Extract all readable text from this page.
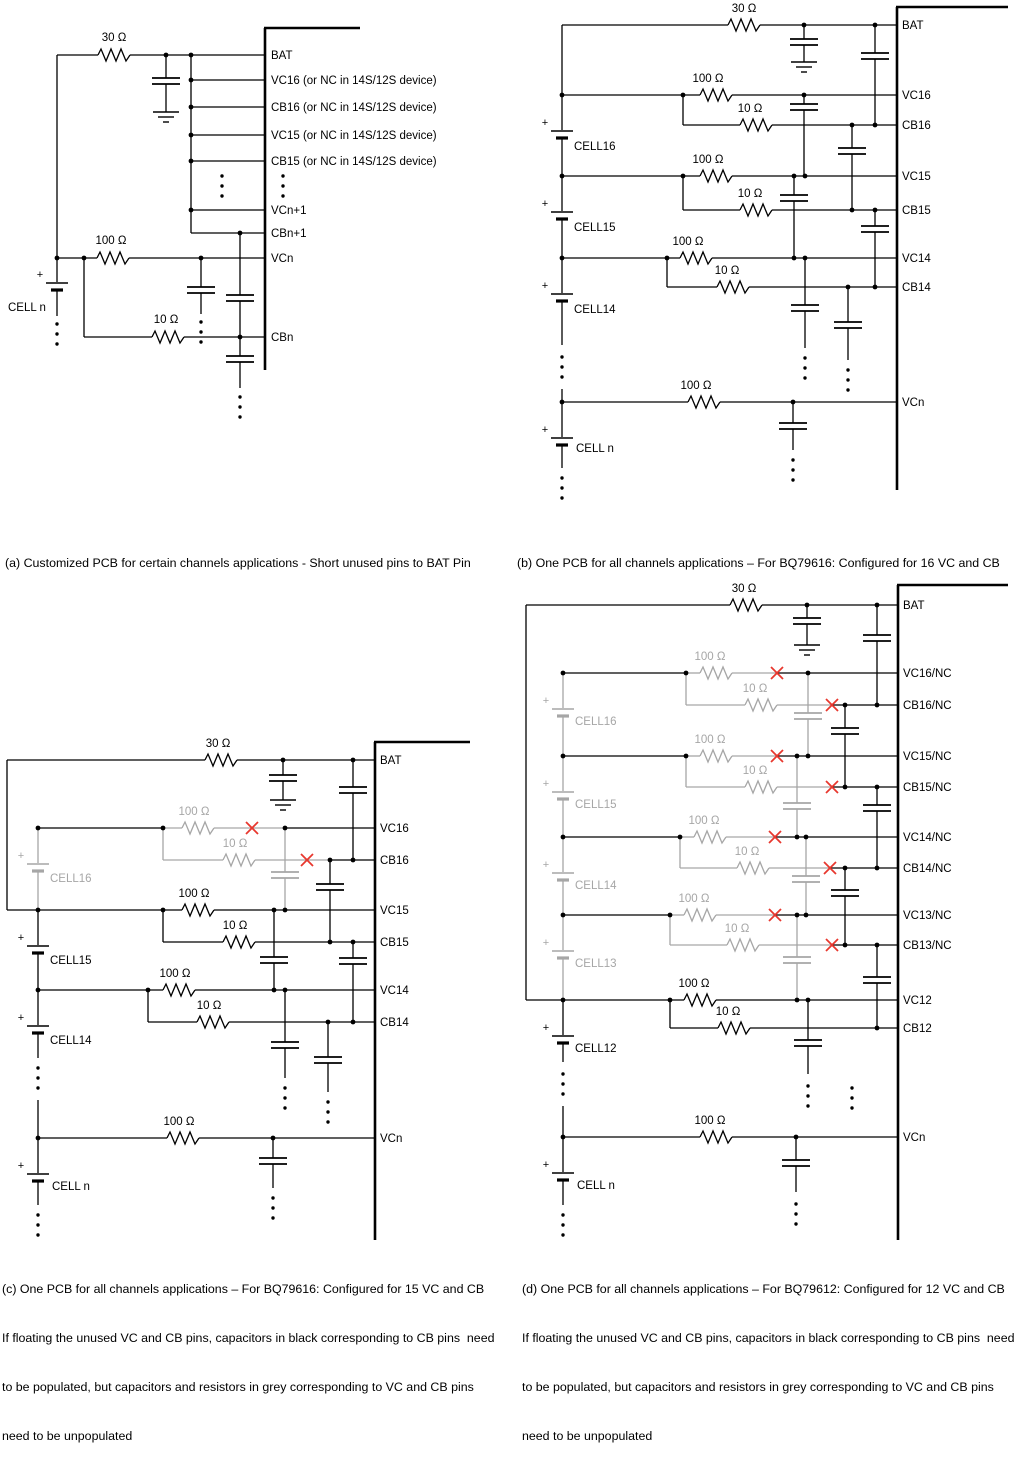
30 Ω
100 Ω
10 Ω
+
CELL n
BAT
VC16 (or NC in 14S/12S device)
CB16 (or NC in 14S/12S device)
VC15 (or NC in 14S/12S device)
CB15 (or NC in 14S/12S device)
VCn+1
CBn+1
VCn
CBn
30 Ω
100 Ω
10 Ω
100 Ω
10 Ω
100 Ω
10 Ω
100 Ω
+
CELL16
+
CELL15
+
CELL14
+
CELL n
BAT
VC16
CB16
VC15
CB15
VC14
CB14
VCn
30 Ω
100 Ω
10 Ω
100 Ω
10 Ω
100 Ω
10 Ω
100 Ω
+
CELL16
+
CELL15
+
CELL14
+
CELL n
BAT
VC16
CB16
VC15
CB15
VC14
CB14
VCn
30 Ω
100 Ω
10 Ω
100 Ω
10 Ω
100 Ω
10 Ω
100 Ω
10 Ω
100 Ω
10 Ω
100 Ω
+
CELL16
+
CELL15
+
CELL14
+
CELL13
+
CELL12
+
CELL n
BAT
VC16/NC
CB16/NC
VC15/NC
CB15/NC
VC14/NC
CB14/NC
VC13/NC
CB13/NC
VC12
CB12
VCn

(a) Customized PCB for certain channels applications - Short unused pins to BAT Pin

	(b) One PCB for all channels applications – For BQ79616: Configured for 16 VC and CB

(c) One PCB for all channels applications – For BQ79616: Configured for 15 VC and CB

If floating the unused VC and CB pins, capacitors in black corresponding to CB pins  need

to be populated, but capacitors and resistors in grey corresponding to VC and CB pins

need to be unpopulated

(d) One PCB for all channels applications – For BQ79612: Configured for 12 VC and CB

If floating the unused VC and CB pins, capacitors in black corresponding to CB pins  need

to be populated, but capacitors and resistors in grey corresponding to VC and CB pins

need to be unpopulated
